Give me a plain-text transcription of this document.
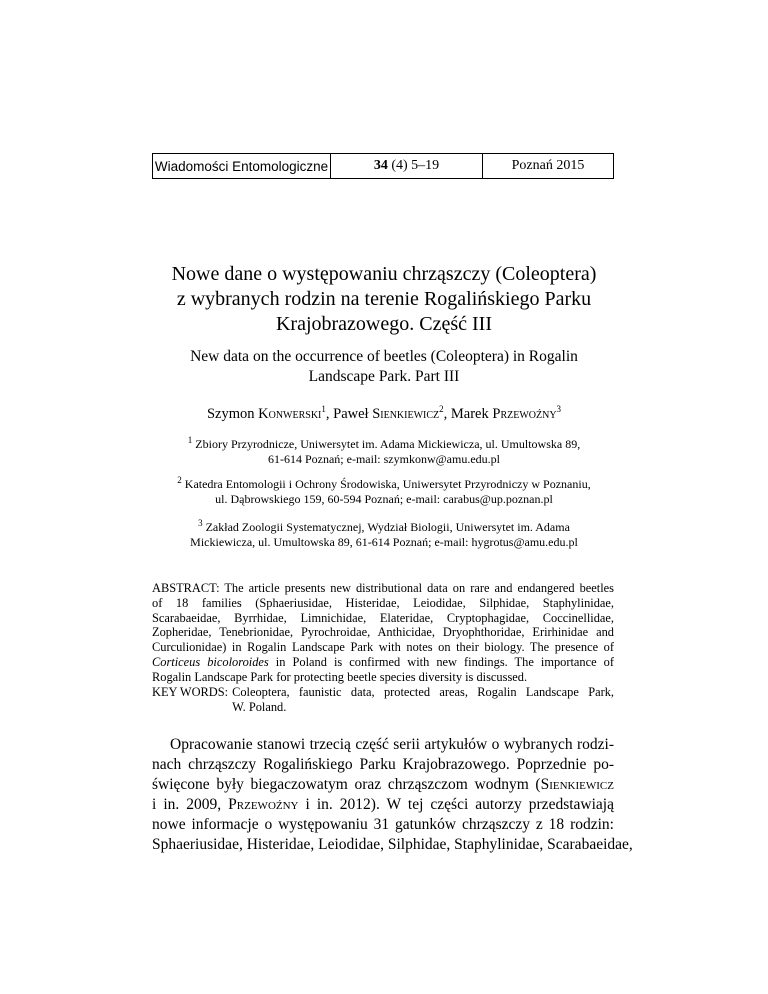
Wiadomości Entomologiczne	34 (4) 5–19	Poznań 2015
Nowe dane o występowaniu chrząszczy (Coleoptera)
z wybranych rodzin na terenie Rogalińskiego Parku
Krajobrazowego. Część III
New data on the occurrence of beetles (Coleoptera) in Rogalin
Landscape Park. Part III
Szymon Konwerski$^1$, Paweł Sienkiewicz$^2$, Marek Przewoźny$^3$
$^1$ Zbiory Przyrodnicze, Uniwersytet im. Adama Mickiewicza, ul. Umultowska 89,
61-614 Poznań; e-mail: szymkonw@amu.edu.pl
$^2$ Katedra Entomologii i Ochrony Środowiska, Uniwersytet Przyrodniczy w Poznaniu,
ul. Dąbrowskiego 159, 60-594 Poznań; e-mail: carabus@up.poznan.pl
$^3$ Zakład Zoologii Systematycznej, Wydział Biologii, Uniwersytet im. Adama
Mickiewicza, ul. Umultowska 89, 61-614 Poznań; e-mail: hygrotus@amu.edu.pl
ABSTRACT: The article presents new distributional data on rare and endangered beetles
of 18 families (Sphaeriusidae, Histeridae, Leiodidae, Silphidae, Staphylinidae,
Scarabaeidae, Byrrhidae, Limnichidae, Elateridae, Cryptophagidae, Coccinellidae,
Zopheridae, Tenebrionidae, Pyrochroidae, Anthicidae, Dryophthoridae, Erirhinidae and
Curculionidae) in Rogalin Landscape Park with notes on their biology. The presence of
Corticeus bicoloroides in Poland is confirmed with new findings. The importance of
Rogalin Landscape Park for protecting beetle species diversity is discussed.
KEY WORDS: Coleoptera, faunistic data, protected areas, Rogalin Landscape Park,
W. Poland.
Opracowanie stanowi trzecią część serii artykułów o wybranych rodzi-
nach chrząszczy Rogalińskiego Parku Krajobrazowego. Poprzednie po-
święcone były biegaczowatym oraz chrząszczom wodnym (Sienkiewicz
i in. 2009, Przewoźny i in. 2012). W tej części autorzy przedstawiają
nowe informacje o występowaniu 31 gatunków chrząszczy z 18 rodzin:
Sphaeriusidae, Histeridae, Leiodidae, Silphidae, Staphylinidae, Scarabaeidae,
